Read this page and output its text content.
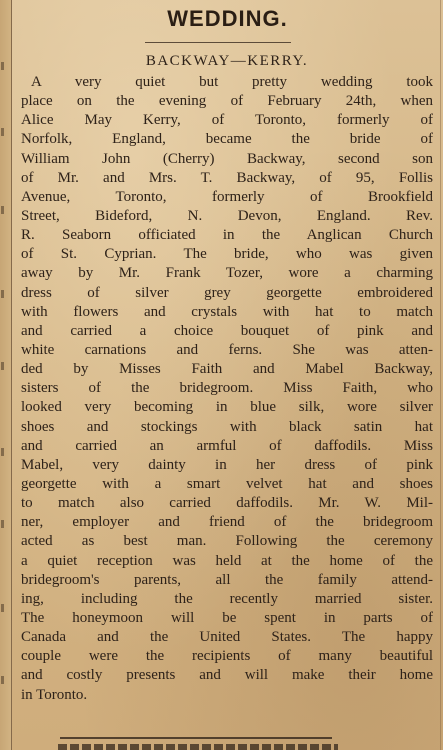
WEDDING.
BACKWAY—KERRY.
A very quiet but pretty wedding took
place on the evening of February 24th, when
Alice May Kerry, of Toronto, formerly of
Norfolk, England, became the bride of
William John (Cherry) Backway, second son
of Mr. and Mrs. T. Backway, of 95, Follis
Avenue, Toronto, formerly of Brookfield
Street, Bideford, N. Devon, England. Rev.
R. Seaborn officiated in the Anglican Church
of St. Cyprian. The bride, who was given
away by Mr. Frank Tozer, wore a charming
dress of silver grey georgette embroidered
with flowers and crystals with hat to match
and carried a choice bouquet of pink and
white carnations and ferns. She was atten-
ded by Misses Faith and Mabel Backway,
sisters of the bridegroom. Miss Faith, who
looked very becoming in blue silk, wore silver
shoes and stockings with black satin hat
and carried an armful of daffodils. Miss
Mabel, very dainty in her dress of pink
georgette with a smart velvet hat and shoes
to match also carried daffodils. Mr. W. Mil-
ner, employer and friend of the bridegroom
acted as best man. Following the ceremony
a quiet reception was held at the home of the
bridegroom's parents, all the family attend-
ing, including the recently married sister.
The honeymoon will be spent in parts of
Canada and the United States. The happy
couple were the recipients of many beautiful
and costly presents and will make their home
in Toronto.
